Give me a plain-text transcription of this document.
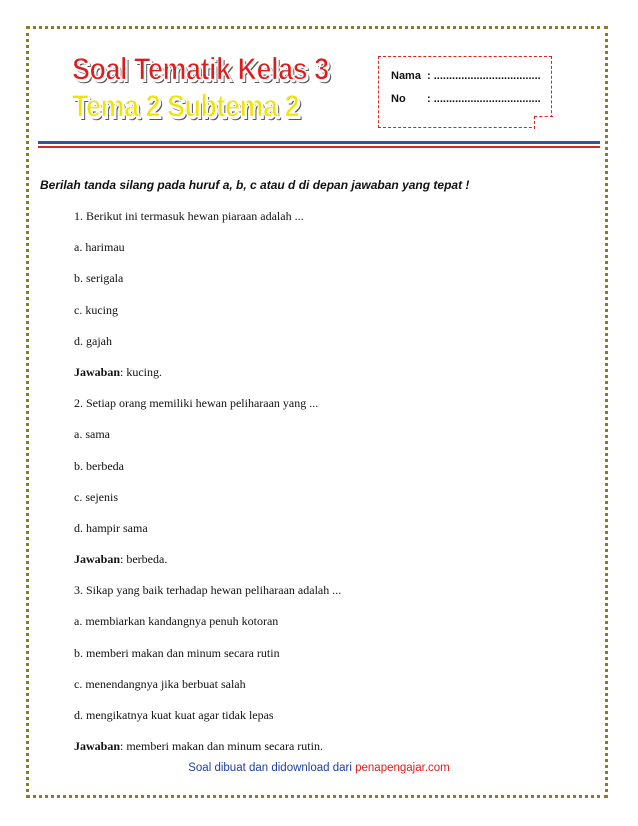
Soal Tematik Kelas 3
Tema 2 Subtema 2
Nama : ...................................
No	: ...................................
Berilah tanda silang pada huruf a, b, c atau d di depan jawaban yang tepat !
1. Berikut ini termasuk hewan piaraan adalah ...
a. harimau
b. serigala
c. kucing
d. gajah
Jawaban: kucing.
2. Setiap orang memiliki hewan peliharaan yang ...
a. sama
b. berbeda
c. sejenis
d. hampir sama
Jawaban: berbeda.
3. Sikap yang baik terhadap hewan peliharaan adalah ...
a. membiarkan kandangnya penuh kotoran
b. memberi makan dan minum secara rutin
c. menendangnya jika berbuat salah
d. mengikatnya kuat kuat agar tidak lepas
Jawaban: memberi makan dan minum secara rutin.
Soal dibuat dan didownload dari penapengajar.com
